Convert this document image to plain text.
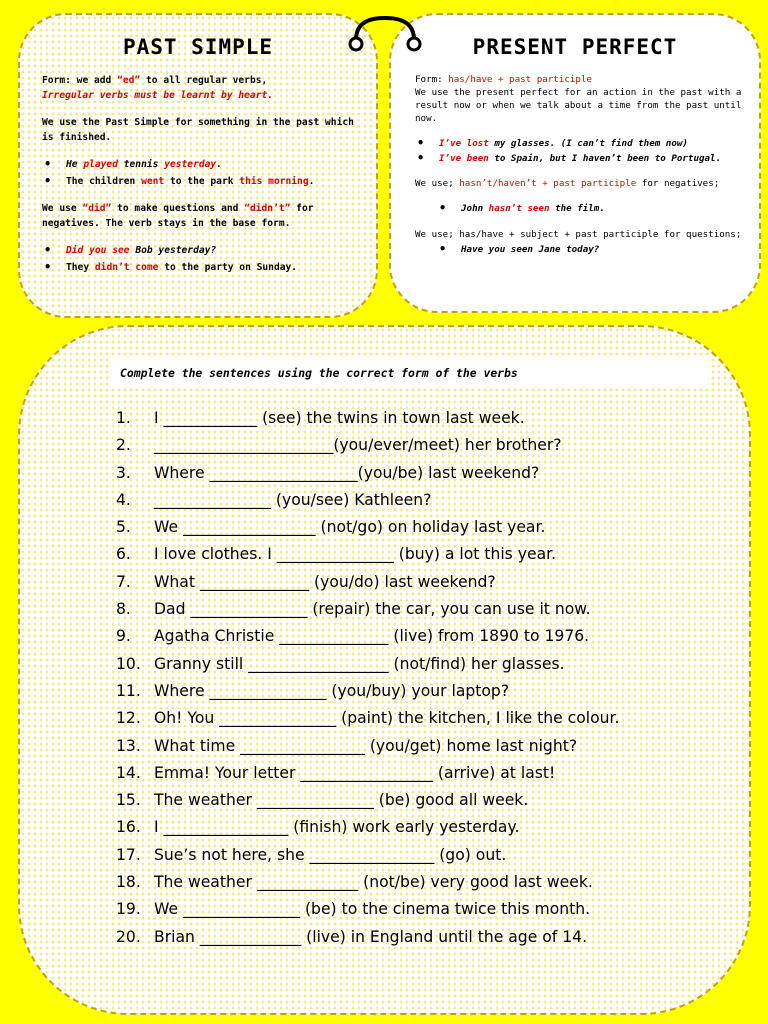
PAST SIMPLE
Form: we add “ed” to all regular verbs,
Irregular verbs must be learnt by heart.
We use the Past Simple for something in the past which is finished.
• He played tennis yesterday.
• The children went to the park this morning.
We use “did” to make questions and “didn’t” for negatives. The verb stays in the base form.
• Did you see Bob yesterday?
• They didn’t come to the party on Sunday.
PRESENT PERFECT
Form: has/have + past participle
We use the present perfect for an action in the past with a result now or when we talk about a time from the past until now.
• I’ve lost my glasses. (I can’t find them now)
• I’ve been to Spain, but I haven’t been to Portugal.
We use; hasn’t/haven’t + past participle for negatives;
• John hasn’t seen the film.
We use; has/have + subject + past participle for questions;
• Have you seen Jane today?
Complete the sentences using the correct form of the verbs
1. I ____________ (see) the twins in town last week.
2. _______________________(you/ever/meet) her brother?
3. Where ___________________(you/be) last weekend?
4. _______________ (you/see) Kathleen?
5. We _________________ (not/go) on holiday last year.
6. I love clothes. I _______________ (buy) a lot this year.
7. What ______________ (you/do) last weekend?
8. Dad _______________ (repair) the car, you can use it now.
9. Agatha Christie ______________ (live) from 1890 to 1976.
10. Granny still __________________ (not/find) her glasses.
11. Where _______________ (you/buy) your laptop?
12. Oh! You _______________ (paint) the kitchen, I like the colour.
13. What time ________________ (you/get) home last night?
14. Emma! Your letter _________________ (arrive) at last!
15. The weather _______________ (be) good all week.
16. I ________________ (finish) work early yesterday.
17. Sue’s not here, she ________________ (go) out.
18. The weather _____________ (not/be) very good last week.
19. We _______________ (be) to the cinema twice this month.
20. Brian _____________ (live) in England until the age of 14.
